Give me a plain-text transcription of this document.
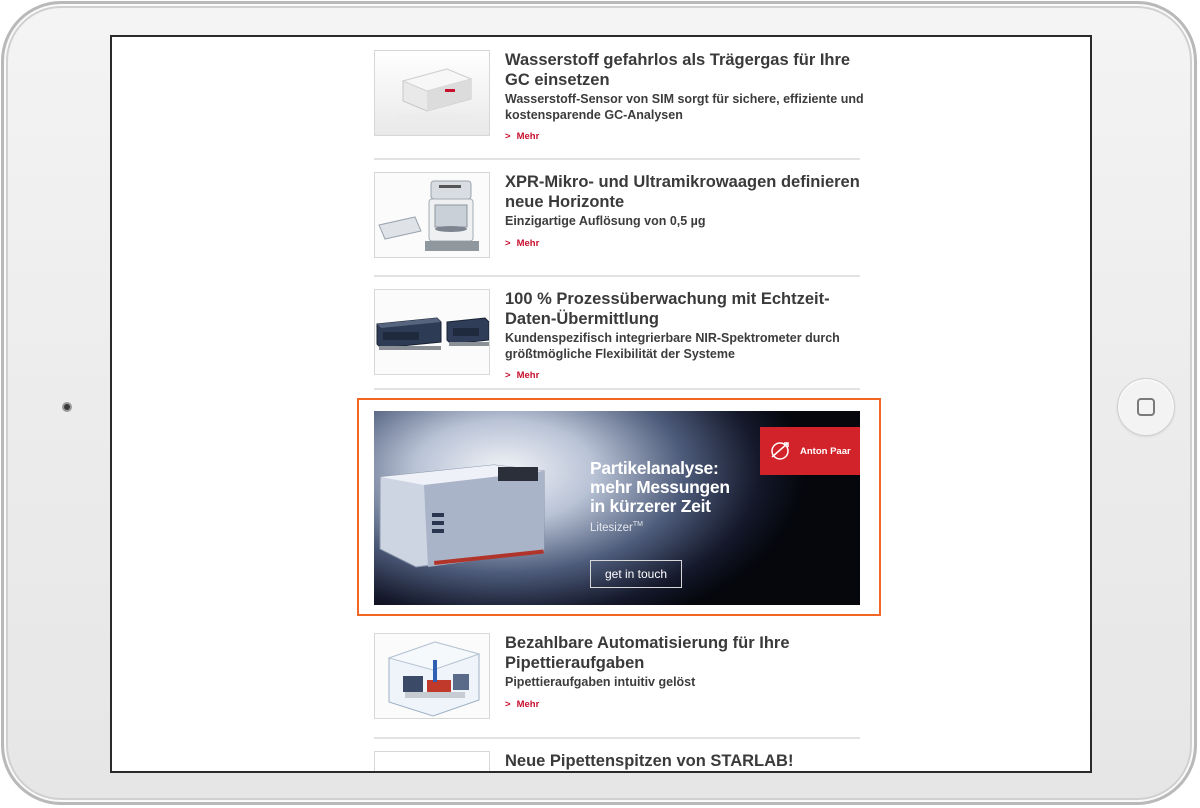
Wasserstoff gefahrlos als Trägergas für Ihre GC einsetzen
Wasserstoff-Sensor von SIM sorgt für sichere, effiziente und kostensparende GC-Analysen
> Mehr
XPR-Mikro- und Ultramikrowaagen definieren neue Horizonte
Einzigartige Auflösung von 0,5 µg
> Mehr
100 % Prozessüberwachung mit Echtzeit-Daten-Übermittlung
Kundenspezifisch integrierbare NIR-Spektrometer durch größtmögliche Flexibilität der Systeme
> Mehr
Anton Paar
Partikelanalyse:
mehr Messungen
in kürzerer Zeit
Litesizer™
get in touch
Bezahlbare Automatisierung für Ihre Pipettieraufgaben
Pipettieraufgaben intuitiv gelöst
> Mehr
Neue Pipettenspitzen von STARLAB!
